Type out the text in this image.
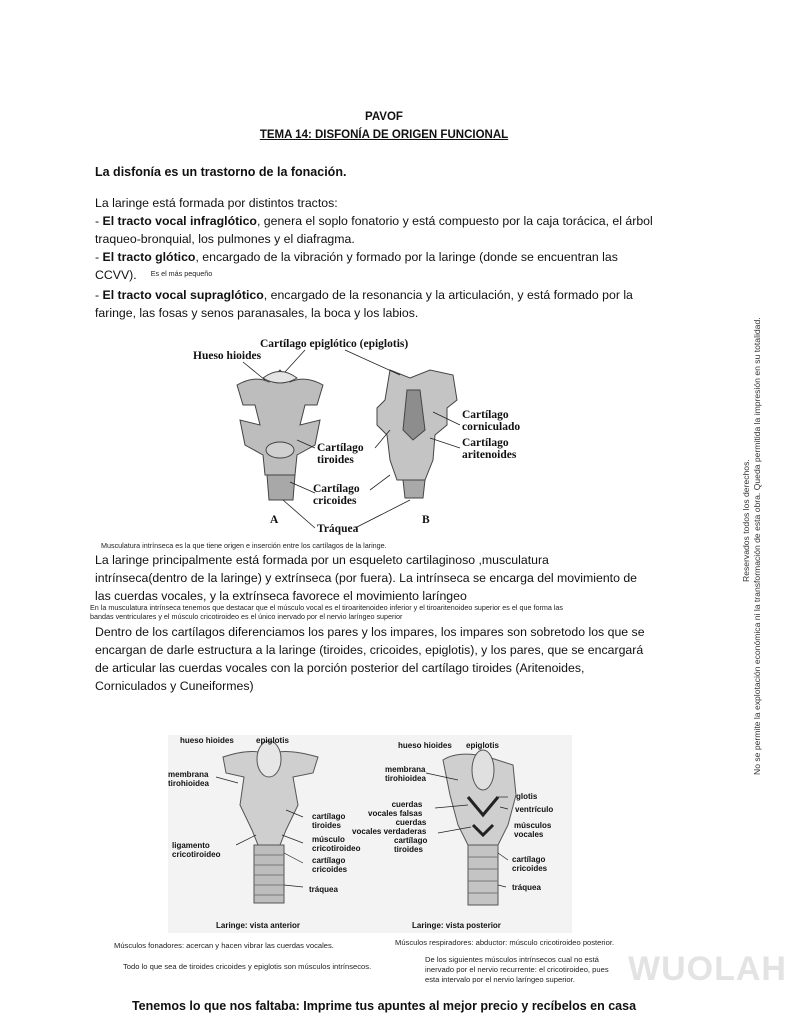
PAVOF
TEMA 14: DISFONÍA DE ORIGEN FUNCIONAL
La disfonía es un trastorno de la fonación.
La laringe está formada por distintos tractos:
- El tracto vocal infraglótico, genera el soplo fonatorio y está compuesto por la caja torácica, el árbol
traqueo-bronquial, los pulmones y el diafragma.
- El tracto glótico, encargado de la vibración y formado por la laringe (donde se encuentran las
CCVV). $^{Es el más pequeño}$
- El tracto vocal supraglótico, encargado de la resonancia y la articulación, y está formado por la
faringe, las fosas y senos paranasales, la boca y los labios.
Hueso hioides
Cartílago epiglótico (epiglotis)
Cartílago
corniculado
Cartílago
aritenoides
Cartílago
tiroides
Cartílago
cricoides
Tráquea
A	B
Musculatura intrínseca es la que tiene origen e inserción entre los cartílagos de la laringe.
La laringe principalmente está formada por un esqueleto cartilaginoso ,musculatura
intrínseca(dentro de la laringe) y extrínseca (por fuera). La intrínseca se encarga del movimiento de
las cuerdas vocales, y la extrínseca favorece el movimiento laríngeo
En la musculatura intrínseca tenemos que destacar que el músculo vocal es el tiroaritenoideo inferior y el tiroaritenoideo superior es el que forma las
bandas ventriculares y el músculo cricotiroideo es el único inervado por el nervio laríngeo superior
Dentro de los cartílagos diferenciamos los pares y los impares, los impares son sobretodo los que se
encargan de darle estructura a la laringe (tiroides, cricoides, epiglotis), y los pares, que se encargará
de articular las cuerdas vocales con la porción posterior del cartílago tiroides (Aritenoides,
Corniculados y Cuneiformes)
hueso hioides	epiglotis
membrana
tirohioidea
cartílago
tiroides
músculo
cricotiroideo
ligamento
cricotiroideo
cartílago
cricoides
tráquea
Laringe: vista anterior
hueso hioides epiglotis
membrana
tirohioidea
glotis
ventrículo
cuerdas
vocales falsas
cuerdas
vocales verdaderas
músculos
vocales
cartílago
tiroides
cartílago
cricoides
tráquea
Laringe: vista posterior
Músculos fonadores: acercan y hacen vibrar las cuerdas vocales.	Músculos respiradores: abductor: músculo cricotiroideo posterior.
Todo lo que sea de tiroides cricoides y epiglotis son músculos intrínsecos.
De los siguientes músculos intrínsecos cual no está
inervado por el nervio recurrente: el cricotiroideo, pues
esta intervalo por el nervio laríngeo superior.	WUOLAH
Tenemos lo que nos faltaba: Imprime tus apuntes al mejor precio y recíbelos en casa
Reservados todos los derechos. No se permite la explotación económica ni la transformación de esta obra. Queda permitida la impresión en su totalidad.
